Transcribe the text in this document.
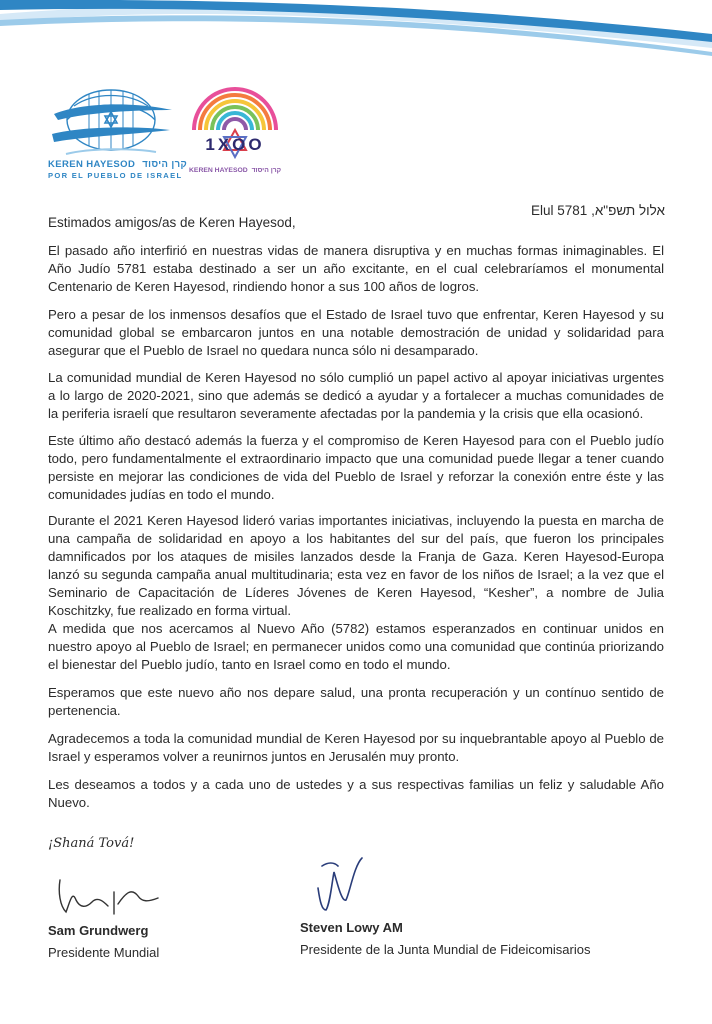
KEREN HAYESOD קרן היסוד
POR EL PUEBLO DE ISRAEL
1XOO
KEREN HAYESOD קרן היסוד
אלול תשפ"א, Elul 5781
Estimados amigos/as de Keren Hayesod,

El pasado año interfirió en nuestras vidas de manera disruptiva y en muchas formas inimaginables. El Año Judío 5781 estaba destinado a ser un año excitante, en el cual celebraríamos el monumental Centenario de Keren Hayesod, rindiendo honor a sus 100 años de logros.

Pero a pesar de los inmensos desafíos que el Estado de Israel tuvo que enfrentar, Keren Hayesod y su comunidad global se embarcaron juntos en una notable demostración de unidad y solidaridad para asegurar que el Pueblo de Israel no quedara nunca sólo ni desamparado.

La comunidad mundial de Keren Hayesod no sólo cumplió un papel activo al apoyar iniciativas urgentes a lo largo de 2020-2021, sino que además se dedicó a ayudar y a fortalecer a muchas comunidades de la periferia israelí que resultaron severamente afectadas por la pandemia y la crisis que ella ocasionó.

Este último año destacó además la fuerza y el compromiso de Keren Hayesod para con el Pueblo judío todo, pero fundamentalmente el extraordinario impacto que una comunidad puede llegar a tener cuando persiste en mejorar las condiciones de vida del Pueblo de Israel y reforzar la conexión entre éste y las comunidades judías en todo el mundo.

Durante el 2021 Keren Hayesod lideró varias importantes iniciativas, incluyendo la puesta en marcha de una campaña de solidaridad en apoyo a los habitantes del sur del país, que fueron los principales damnificados por los ataques de misiles lanzados desde la Franja de Gaza. Keren Hayesod-Europa lanzó su segunda campaña anual multitudinaria; esta vez en favor de los niños de Israel; a la vez que el Seminario de Capacitación de Líderes Jóvenes de Keren Hayesod, “Kesher”, a nombre de Julia Koschitzky, fue realizado en forma virtual.

A medida que nos acercamos al Nuevo Año (5782) estamos esperanzados en continuar unidos en nuestro apoyo al Pueblo de Israel; en permanecer unidos como una comunidad que continúa priorizando el bienestar del Pueblo judío, tanto en Israel como en todo el mundo.

Esperamos que este nuevo año nos depare salud, una pronta recuperación y un contínuo sentido de pertenencia.

Agradecemos a toda la comunidad mundial de Keren Hayesod por su inquebrantable apoyo al Pueblo de Israel y esperamos volver a reunirnos juntos en Jerusalén muy pronto.

Les deseamos a todos y a cada uno de ustedes y a sus respectivas familias un feliz y saludable Año Nuevo.

¡Shaná Tová!
Sam Grundwerg
Presidente Mundial
Steven Lowy AM
Presidente de la Junta Mundial de Fideicomisarios
